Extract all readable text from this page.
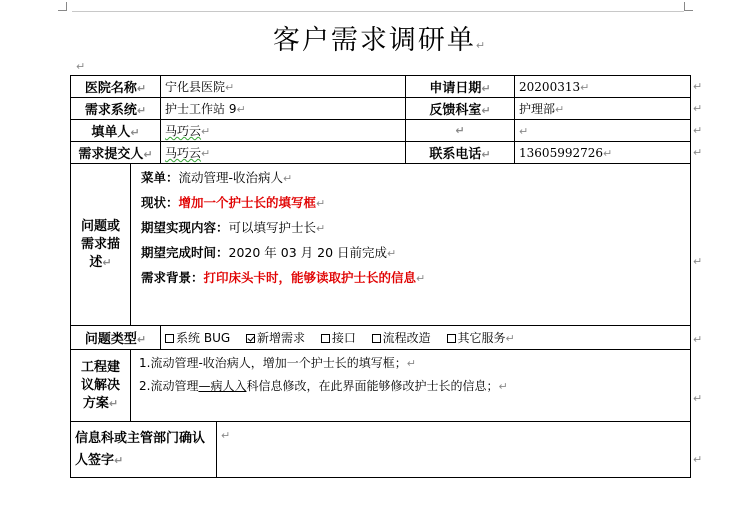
客户需求调研单↵
↵
医院名称↵		宁化县医院↵		申请日期↵	20200313↵
需求系统↵		护士工作站 9↵		反馈科室↵	护理部↵
填单人↵		马巧云↵		↵	↵
需求提交人↵		马巧云↵		联系电话↵	13605992726↵
问题或需求描述↵	菜单：流动管理-收治病人↵
现状：增加一个护士长的填写框↵
期望实现内容：可以填写护士长↵
期望完成时间：2020 年 03 月 20 日前完成↵
需求背景：打印床头卡时，能够读取护士长的信息↵				

问题类型↵		系统 BUG 新增需求 接口 流程改造 其它服务↵			
工程建议解决方案↵	1.流动管理-收治病人，增加一个护士长的填写框；↵
2.流动管理—病人入科信息修改，在此界面能够修改护士长的信息；↵				

信息科或主管部门确认人签字↵			↵		
↵
↵
↵
↵
↵
↵
↵
↵
